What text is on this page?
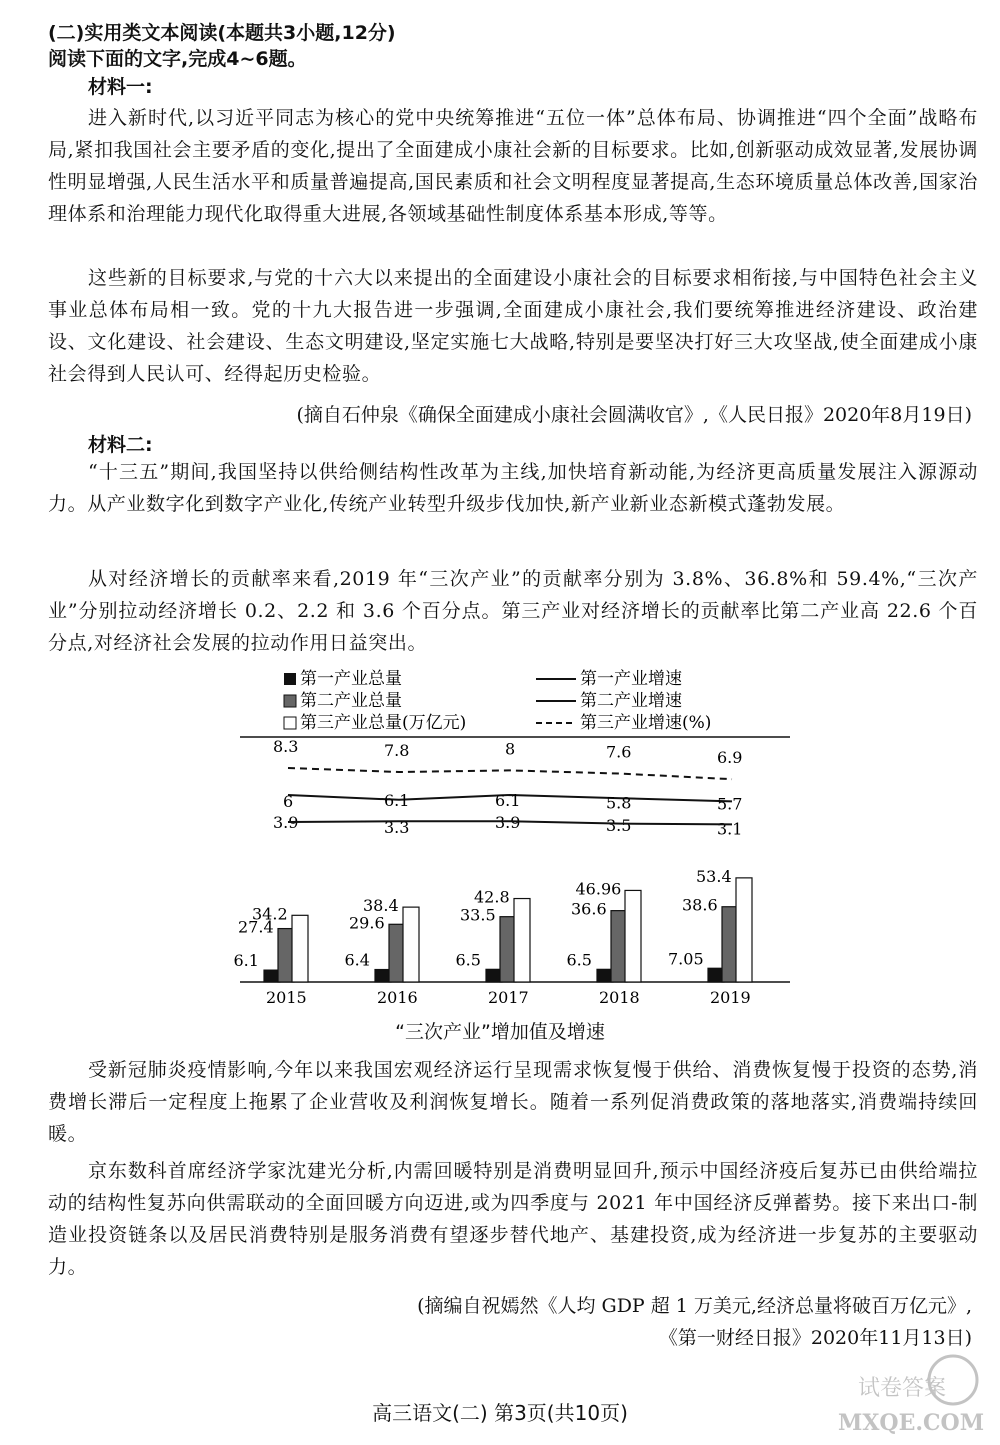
(二)实用类文本阅读(本题共3小题,12分)
阅读下面的文字,完成4~6题。
材料一:

进入新时代,以习近平同志为核心的党中央统筹推进“五位一体”总体布局、协调推进“四个全面”战略布局,紧扣我国社会主要矛盾的变化,提出了全面建成小康社会新的目标要求。比如,创新驱动成效显著,发展协调性明显增强,人民生活水平和质量普遍提高,国民素质和社会文明程度显著提高,生态环境质量总体改善,国家治理体系和治理能力现代化取得重大进展,各领域基础性制度体系基本形成,等等。

这些新的目标要求,与党的十六大以来提出的全面建设小康社会的目标要求相衔接,与中国特色社会主义事业总体布局相一致。党的十九大报告进一步强调,全面建成小康社会,我们要统筹推进经济建设、政治建设、文化建设、社会建设、生态文明建设,坚定实施七大战略,特别是要坚决打好三大攻坚战,使全面建成小康社会得到人民认可、经得起历史检验。

(摘自石仲泉《确保全面建成小康社会圆满收官》,《人民日报》2020年8月19日)
材料二:

“十三五”期间,我国坚持以供给侧结构性改革为主线,加快培育新动能,为经济更高质量发展注入源源动力。从产业数字化到数字产业化,传统产业转型升级步伐加快,新产业新业态新模式蓬勃发展。

从对经济增长的贡献率来看,2019 年“三次产业”的贡献率分别为 3.8%、36.8%和 59.4%,“三次产业”分别拉动经济增长 0.2、2.2 和 3.6 个百分点。第三产业对经济增长的贡献率比第二产业高 22.6 个百分点,对经济社会发展的拉动作用日益突出。

第一产业总量
第二产业总量
第三产业总量(万亿元)
第一产业增速
第二产业增速
第三产业增速(%)
6.1
27.4
34.2
2015
6.4
29.6
38.4
2016
6.5
33.5
42.8
2017
6.5
36.6
46.96
2018
7.05
38.6
53.4
2019
3.9	3.3	3.9	3.5	3.1
6	6.1	6.1	5.8	5.7
8.3	7.8	8	7.6	6.9
“三次产业”增加值及增速

受新冠肺炎疫情影响,今年以来我国宏观经济运行呈现需求恢复慢于供给、消费恢复慢于投资的态势,消费增长滞后一定程度上拖累了企业营收及利润恢复增长。随着一系列促消费政策的落地落实,消费端持续回暖。

京东数科首席经济学家沈建光分析,内需回暖特别是消费明显回升,预示中国经济疫后复苏已由供给端拉动的结构性复苏向供需联动的全面回暖方向迈进,或为四季度与 2021 年中国经济反弹蓄势。接下来出口-制造业投资链条以及居民消费特别是服务消费有望逐步替代地产、基建投资,成为经济进一步复苏的主要驱动力。

(摘编自祝嫣然《人均 GDP 超 1 万美元,经济总量将破百万亿元》,
《第一财经日报》2020年11月13日)
高三语文(二) 第3页(共10页)
试卷答案
MXQE.COM
